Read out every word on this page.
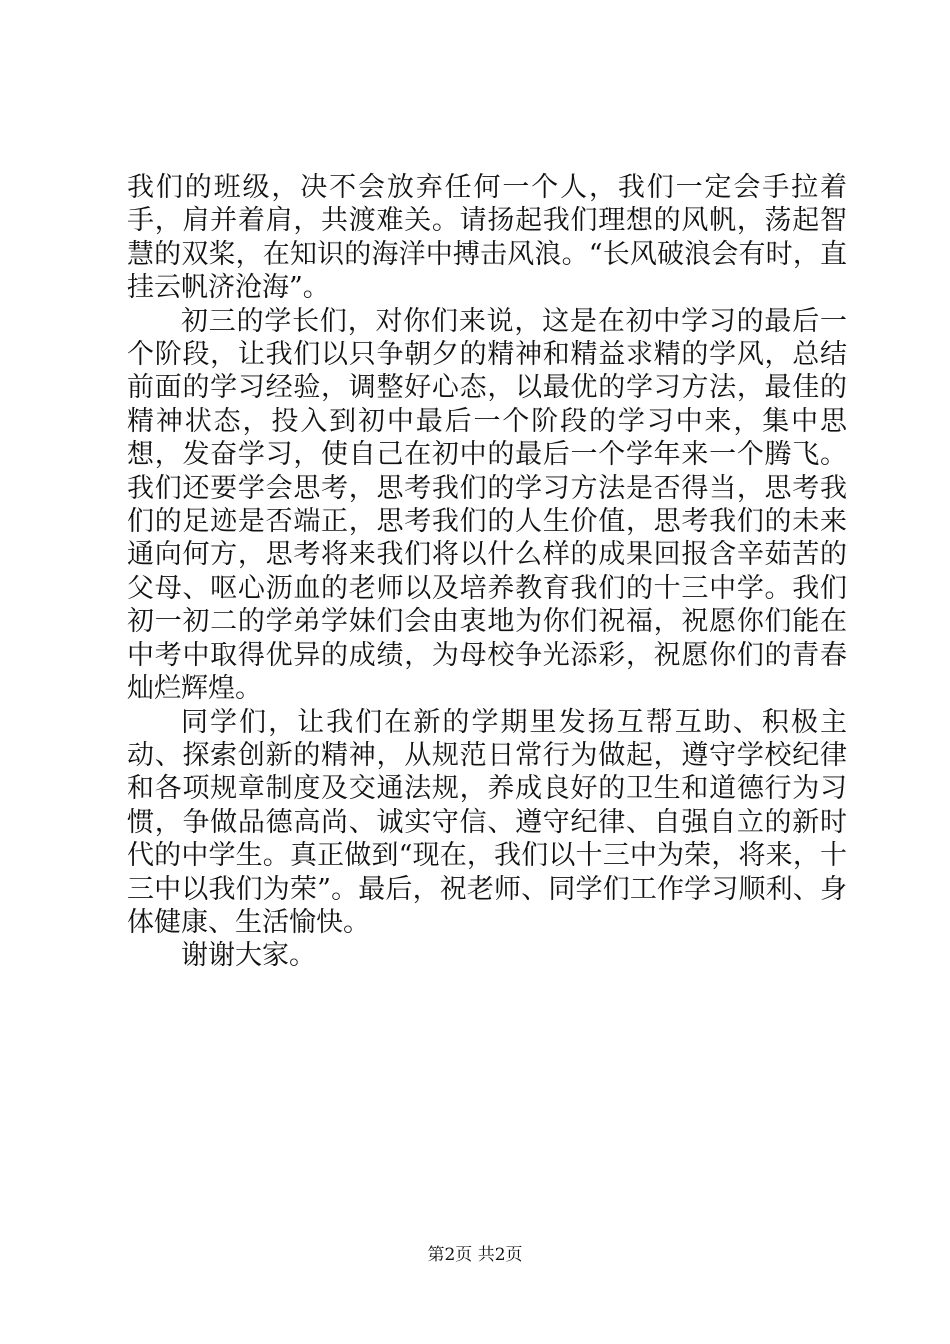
我们的班级，决不会放弃任何一个人，我们一定会手拉着手，肩并着肩，共渡难关。请扬起我们理想的风帆，荡起智慧的双桨，在知识的海洋中搏击风浪。“长风破浪会有时，直挂云帆济沧海”。

初三的学长们，对你们来说，这是在初中学习的最后一个阶段，让我们以只争朝夕的精神和精益求精的学风，总结前面的学习经验，调整好心态，以最优的学习方法，最佳的精神状态，投入到初中最后一个阶段的学习中来，集中思想，发奋学习，使自己在初中的最后一个学年来一个腾飞。我们还要学会思考，思考我们的学习方法是否得当，思考我们的足迹是否端正，思考我们的人生价值，思考我们的未来通向何方，思考将来我们将以什么样的成果回报含辛茹苦的父母、呕心沥血的老师以及培养教育我们的十三中学。我们初一初二的学弟学妹们会由衷地为你们祝福，祝愿你们能在中考中取得优异的成绩，为母校争光添彩，祝愿你们的青春灿烂辉煌。

同学们，让我们在新的学期里发扬互帮互助、积极主动、探索创新的精神，从规范日常行为做起，遵守学校纪律和各项规章制度及交通法规，养成良好的卫生和道德行为习惯，争做品德高尚、诚实守信、遵守纪律、自强自立的新时代的中学生。真正做到“现在，我们以十三中为荣，将来，十三中以我们为荣”。最后，祝老师、同学们工作学习顺利、身体健康、生活愉快。

谢谢大家。

第2页 共2页
